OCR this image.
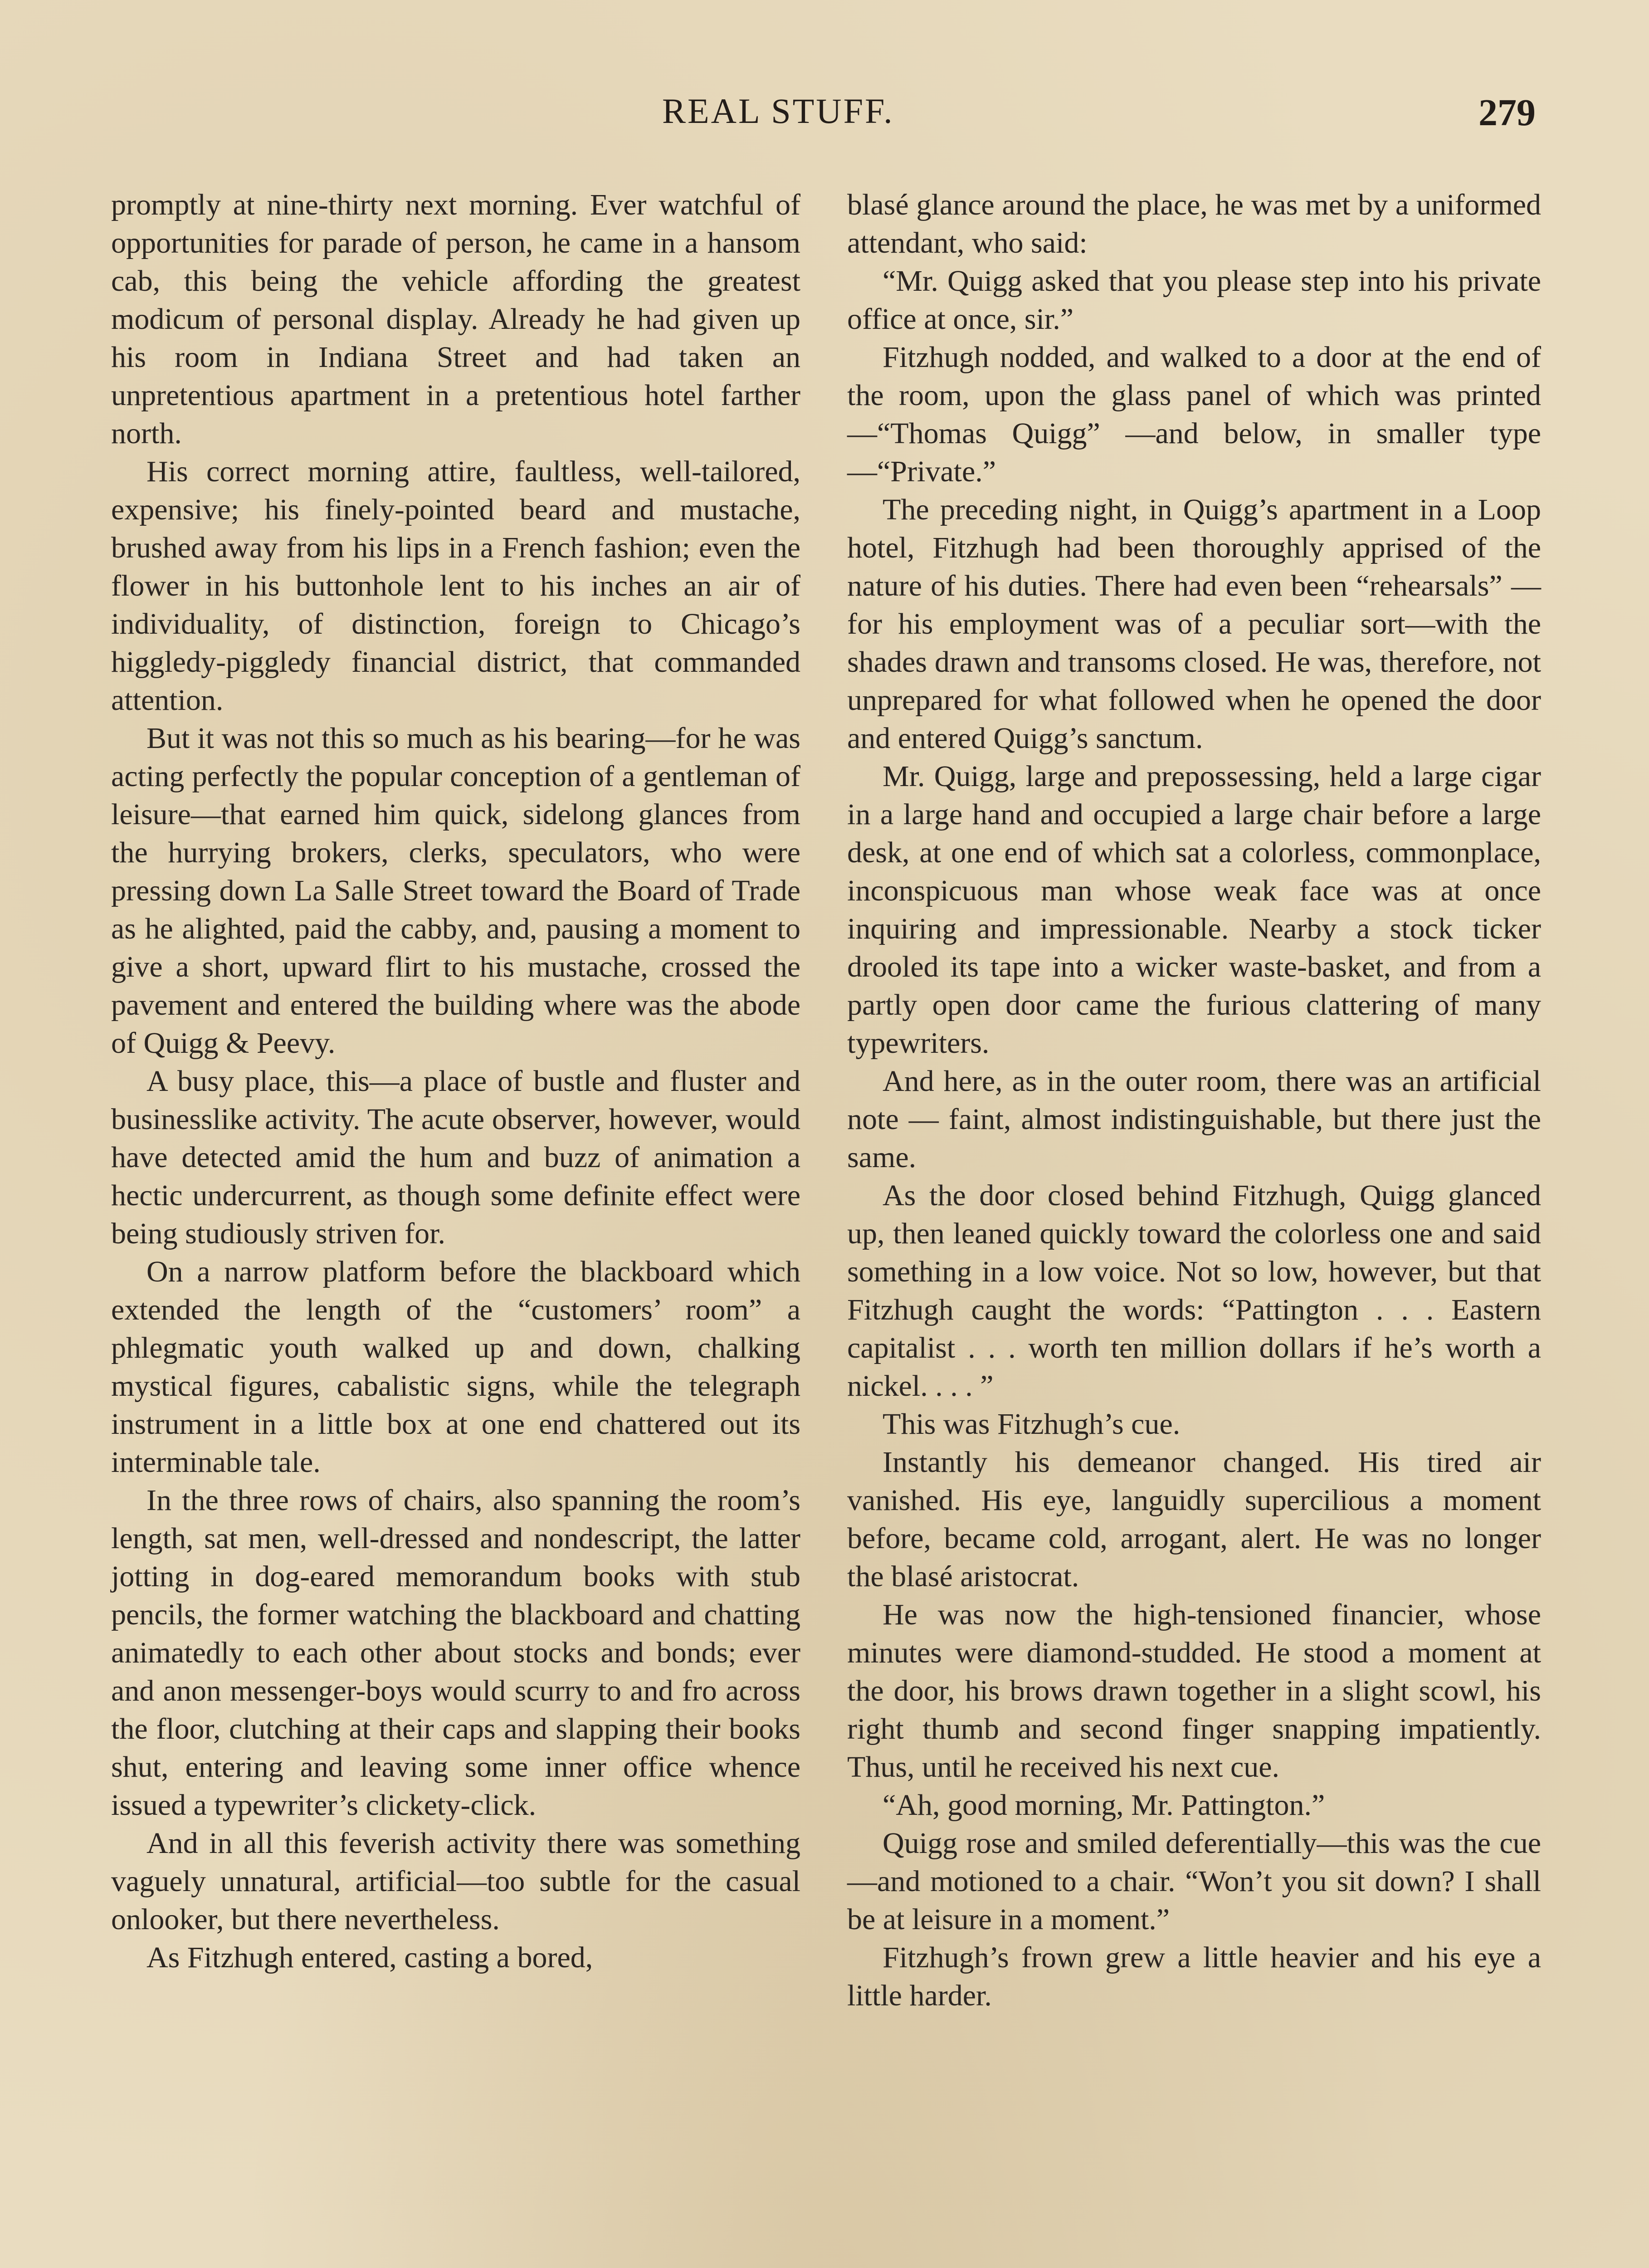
REAL STUFF.	279

promptly at nine-thirty next morning. Ever watchful of opportunities for parade of person, he came in a hansom cab, this being the vehicle affording the greatest modicum of personal display. Already he had given up his room in Indiana Street and had taken an unpretentious apartment in a pretentious hotel farther north.

His correct morning attire, faultless, well-tailored, expensive; his finely-pointed beard and mustache, brushed away from his lips in a French fashion; even the flower in his buttonhole lent to his inches an air of individuality, of distinction, foreign to Chicago’s higgledy-piggledy financial district, that commanded attention.

But it was not this so much as his bearing—for he was acting perfectly the popular conception of a gentleman of leisure—that earned him quick, sidelong glances from the hurrying brokers, clerks, speculators, who were pressing down La Salle Street toward the Board of Trade as he alighted, paid the cabby, and, pausing a moment to give a short, upward flirt to his mustache, crossed the pavement and entered the building where was the abode of Quigg & Peevy.

A busy place, this—a place of bustle and fluster and businesslike activity. The acute observer, however, would have detected amid the hum and buzz of animation a hectic undercurrent, as though some definite effect were being studiously striven for.

On a narrow platform before the blackboard which extended the length of the “customers’ room” a phlegmatic youth walked up and down, chalking mystical figures, cabalistic signs, while the telegraph instrument in a little box at one end chattered out its interminable tale.

In the three rows of chairs, also spanning the room’s length, sat men, well-dressed and nondescript, the latter jotting in dog-eared memorandum books with stub pencils, the former watching the blackboard and chatting animatedly to each other about stocks and bonds; ever and anon messenger-boys would scurry to and fro across the floor, clutching at their caps and slapping their books shut, entering and leaving some inner office whence issued a typewriter’s clickety-click.

And in all this feverish activity there was something vaguely unnatural, artificial—too subtle for the casual onlooker, but there nevertheless.

As Fitzhugh entered, casting a bored,

blasé glance around the place, he was met by a uniformed attendant, who said:

“Mr. Quigg asked that you please step into his private office at once, sir.”

Fitzhugh nodded, and walked to a door at the end of the room, upon the glass panel of which was printed—“Thomas Quigg” —and below, in smaller type—“Private.”

The preceding night, in Quigg’s apartment in a Loop hotel, Fitzhugh had been thoroughly apprised of the nature of his duties. There had even been “rehearsals” —for his employment was of a peculiar sort—with the shades drawn and transoms closed. He was, therefore, not unprepared for what followed when he opened the door and entered Quigg’s sanctum.

Mr. Quigg, large and prepossessing, held a large cigar in a large hand and occupied a large chair before a large desk, at one end of which sat a colorless, commonplace, inconspicuous man whose weak face was at once inquiring and impressionable. Nearby a stock ticker drooled its tape into a wicker waste-basket, and from a partly open door came the furious clattering of many typewriters.

And here, as in the outer room, there was an artificial note — faint, almost indistinguishable, but there just the same.

As the door closed behind Fitzhugh, Quigg glanced up, then leaned quickly toward the colorless one and said something in a low voice. Not so low, however, but that Fitzhugh caught the words: “Pattington . . . Eastern capitalist . . . worth ten million dollars if he’s worth a nickel. . . . ”

This was Fitzhugh’s cue.

Instantly his demeanor changed. His tired air vanished. His eye, languidly supercilious a moment before, became cold, arrogant, alert. He was no longer the blasé aristocrat.

He was now the high-tensioned financier, whose minutes were diamond-studded. He stood a moment at the door, his brows drawn together in a slight scowl, his right thumb and second finger snapping impatiently. Thus, until he received his next cue.

“Ah, good morning, Mr. Pattington.”

Quigg rose and smiled deferentially—this was the cue—and motioned to a chair. “Won’t you sit down? I shall be at leisure in a moment.”

Fitzhugh’s frown grew a little heavier and his eye a little harder.
